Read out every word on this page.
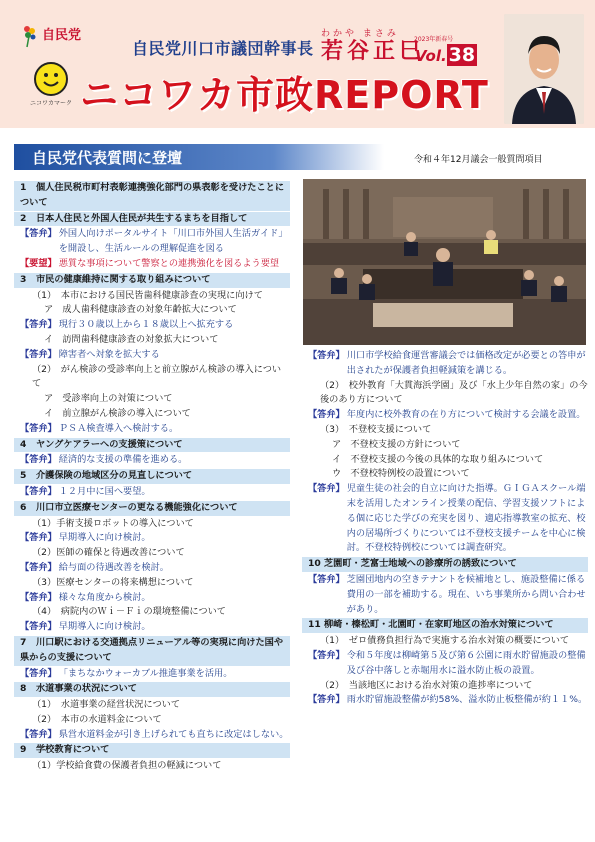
自民党
ニコワカマーク
自民党川口市議団幹事長
わかや まさみ
若谷正巳
2023年新春号
Vol. 38
ニコワカ市政REPORT
自民党代表質問に登壇	令和４年12月議会一般質問項目
1 個人住民税市町村表彰連携強化部門の県表彰を受けたことについて
2 日本人住民と外国人住民が共生するまちを目指して
【答弁】 外国人向けポータルサイト「川口市外国人生活ガイド」を開設し、生活ルールの理解促進を図る
【要望】 悪質な事項について警察との連携強化を図るよう要望
3 市民の健康維持に関する取り組みについて
（1）　本市における国民皆歯科健康診査の実現に向けて
ア　成人歯科健康診査の対象年齢拡大について
【答弁】 現行３０歳以上から１８歳以上へ拡充する
イ　訪問歯科健康診査の対象拡大について
【答弁】 障害者へ対象を拡大する
（2）　がん検診の受診率向上と前立腺がん検診の導入について
ア　受診率向上の対策について
イ　前立腺がん検診の導入について
【答弁】 ＰＳＡ検査導入へ検討する。
4 ヤングケアラーへの支援策について
【答弁】 経済的な支援の準備を進める。
5 介護保険の地域区分の見直しについて
【答弁】 １２月中に国へ要望。
6 川口市立医療センターの更なる機能強化について
（1）手術支援ロボットの導入について
【答弁】 早期導入に向け検討。
（2）医師の確保と待遇改善について
【答弁】 給与面の待遇改善を検討。
（3）医療センターの将来構想について
【答弁】 様々な角度から検討。
（4）　病院内のＷｉ－Ｆｉの環境整備について
【答弁】 早期導入に向け検討。
7 川口駅における交通拠点リニューアル等の実現に向けた国や県からの支援について
【答弁】 「まちなかウォーカブル推進事業を活用。
8 水道事業の状況について
（1）　水道事業の経営状況について
（2）　本市の水道料金について
【答弁】 県営水道料金が引き上げられても直ちに改定はしない。
9 学校教育について
（1）学校給食費の保護者負担の軽減について
【答弁】 川口市学校給食運営審議会では価格改定が必要との答申が出されたが保護者負担軽減策を講じる。
（2）　校外教育「大貫海浜学園」及び「水上少年自然の家」の今後のあり方について
【答弁】 年度内に校外教育の在り方について検討する会議を設置。
（3）　不登校支援について
ア　不登校支援の方針について
イ　不登校支援の今後の具体的な取り組みについて
ウ　不登校特例校の設置について
【答弁】 児童生徒の社会的自立に向けた指導。ＧＩＧＡスクール端末を活用したオンライン授業の配信、学習支援ソフトによる個に応じた学びの充実を図り、適応指導教室の拡充、校内の居場所づくりについては不登校支援チームを中心に検討。不登校特例校については調査研究。
10 芝園町・芝富士地域への診療所の誘致について
【答弁】 芝園団地内の空きテナントを候補地とし、施設整備に係る費用の一部を補助する。現在、いち事業所から問い合わせがあり。
11 柳崎・榛松町・北園町・在家町地区の治水対策について
（1）　ゼロ債務負担行為で実施する治水対策の概要について
【答弁】 令和５年度は柳崎第５及び第６公園に雨水貯留施設の整備及び谷中落しと赤堀用水に溢水防止板の設置。
（2）　当該地区における治水対策の進捗率について
【答弁】 雨水貯留施設整備が約58%、溢水防止板整備が約１１%。
